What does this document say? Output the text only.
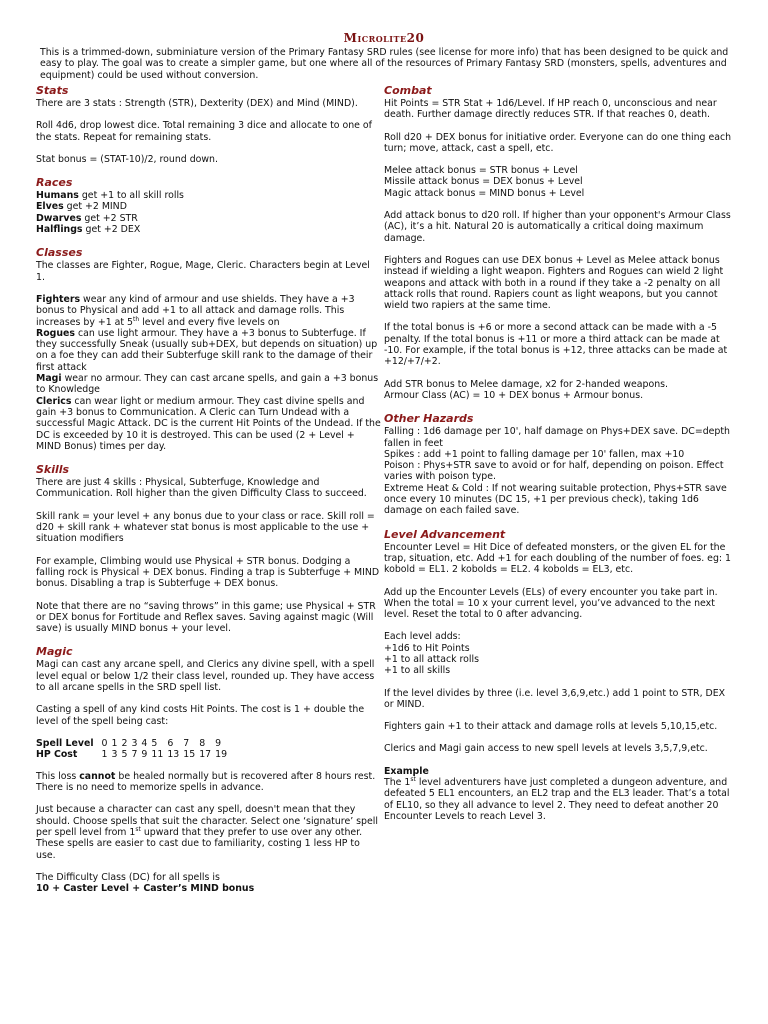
Microlite20
This is a trimmed-down, subminiature version of the Primary Fantasy SRD rules (see license for more info) that has been designed to be quick and easy to play. The goal was to create a simpler game, but one where all of the resources of Primary Fantasy SRD (monsters, spells, adventures and equipment) could be used without conversion.
Stats

There are 3 stats : Strength (STR), Dexterity (DEX) and Mind (MIND).

Roll 4d6, drop lowest dice. Total remaining 3 dice and allocate to one of the stats. Repeat for remaining stats.

Stat bonus = (STAT-10)/2, round down.

Races
Humans get +1 to all skill rolls
Elves get +2 MIND
Dwarves get +2 STR

Halflings get +2 DEX

Classes

The classes are Fighter, Rogue, Mage, Cleric. Characters begin at Level 1.

Fighters wear any kind of armour and use shields. They have a +3 bonus to Physical and add +1 to all attack and damage rolls. This increases by +1 at 5th level and every five levels on
Rogues can use light armour. They have a +3 bonus to Subterfuge. If they successfully Sneak (usually sub+DEX, but depends on situation) up on a foe they can add their Subterfuge skill rank to the damage of their first attack
Magi wear no armour. They can cast arcane spells, and gain a +3 bonus to Knowledge

Clerics can wear light or medium armour. They cast divine spells and gain +3 bonus to Communication. A Cleric can Turn Undead with a successful Magic Attack. DC is the current Hit Points of the Undead. If the DC is exceeded by 10 it is destroyed. This can be used (2 + Level + MIND Bonus) times per day.

Skills

There are just 4 skills : Physical, Subterfuge, Knowledge and Communication. Roll higher than the given Difficulty Class to succeed.

Skill rank = your level + any bonus due to your class or race. Skill roll = d20 + skill rank + whatever stat bonus is most applicable to the use + situation modifiers

For example, Climbing would use Physical + STR bonus. Dodging a falling rock is Physical + DEX bonus. Finding a trap is Subterfuge + MIND bonus. Disabling a trap is Subterfuge + DEX bonus.

Note that there are no “saving throws” in this game; use Physical + STR or DEX bonus for Fortitude and Reflex saves. Saving against magic (Will save) is usually MIND bonus + your level.

Magic

Magi can cast any arcane spell, and Clerics any divine spell, with a spell level equal or below 1/2 their class level, rounded up. They have access to all arcane spells in the SRD spell list.

Casting a spell of any kind costs Hit Points. The cost is 1 + double the level of the spell being cast:

Spell Level	0	1	2	3	4	5	6	7	8	9
HP Cost	1	3	5	7	9	11	13	15	17	19

This loss cannot be healed normally but is recovered after 8 hours rest. There is no need to memorize spells in advance.

Just because a character can cast any spell, doesn't mean that they should. Choose spells that suit the character. Select one ‘signature’ spell per spell level from 1st upward that they prefer to use over any other. These spells are easier to cast due to familiarity, costing 1 less HP to use.

The Difficulty Class (DC) for all spells is
10 + Caster Level + Caster’s MIND bonus
Combat

Hit Points = STR Stat + 1d6/Level. If HP reach 0, unconscious and near death. Further damage directly reduces STR. If that reaches 0, death.

Roll d20 + DEX bonus for initiative order. Everyone can do one thing each turn; move, attack, cast a spell, etc.

Melee attack bonus = STR bonus + Level
Missile attack bonus = DEX bonus + Level

Magic attack bonus = MIND bonus + Level

Add attack bonus to d20 roll. If higher than your opponent's Armour Class (AC), it’s a hit. Natural 20 is automatically a critical doing maximum damage.

Fighters and Rogues can use DEX bonus + Level as Melee attack bonus instead if wielding a light weapon. Fighters and Rogues can wield 2 light weapons and attack with both in a round if they take a -2 penalty on all attack rolls that round. Rapiers count as light weapons, but you cannot wield two rapiers at the same time.

If the total bonus is +6 or more a second attack can be made with a -5 penalty. If the total bonus is +11 or more a third attack can be made at -10. For example, if the total bonus is +12, three attacks can be made at +12/+7/+2.

Add STR bonus to Melee damage, x2 for 2-handed weapons.

Armour Class (AC) = 10 + DEX bonus + Armour bonus.

Other Hazards
Falling : 1d6 damage per 10', half damage on Phys+DEX save. DC=depth fallen in feet
Spikes : add +1 point to falling damage per 10' fallen, max +10
Poison : Phys+STR save to avoid or for half, depending on poison. Effect varies with poison type.

Extreme Heat & Cold : If not wearing suitable protection, Phys+STR save once every 10 minutes (DC 15, +1 per previous check), taking 1d6 damage on each failed save.

Level Advancement

Encounter Level = Hit Dice of defeated monsters, or the given EL for the trap, situation, etc. Add +1 for each doubling of the number of foes. eg: 1 kobold = EL1. 2 kobolds = EL2. 4 kobolds = EL3, etc.

Add up the Encounter Levels (ELs) of every encounter you take part in. When the total = 10 x your current level, you’ve advanced to the next level. Reset the total to 0 after advancing.

Each level adds:
+1d6 to Hit Points
+1 to all attack rolls

+1 to all skills

If the level divides by three (i.e. level 3,6,9,etc.) add 1 point to STR, DEX or MIND.

Fighters gain +1 to their attack and damage rolls at levels 5,10,15,etc.

Clerics and Magi gain access to new spell levels at levels 3,5,7,9,etc.

Example
The 1st level adventurers have just completed a dungeon adventure, and defeated 5 EL1 encounters, an EL2 trap and the EL3 leader. That’s a total of EL10, so they all advance to level 2. They need to defeat another 20 Encounter Levels to reach Level 3.
